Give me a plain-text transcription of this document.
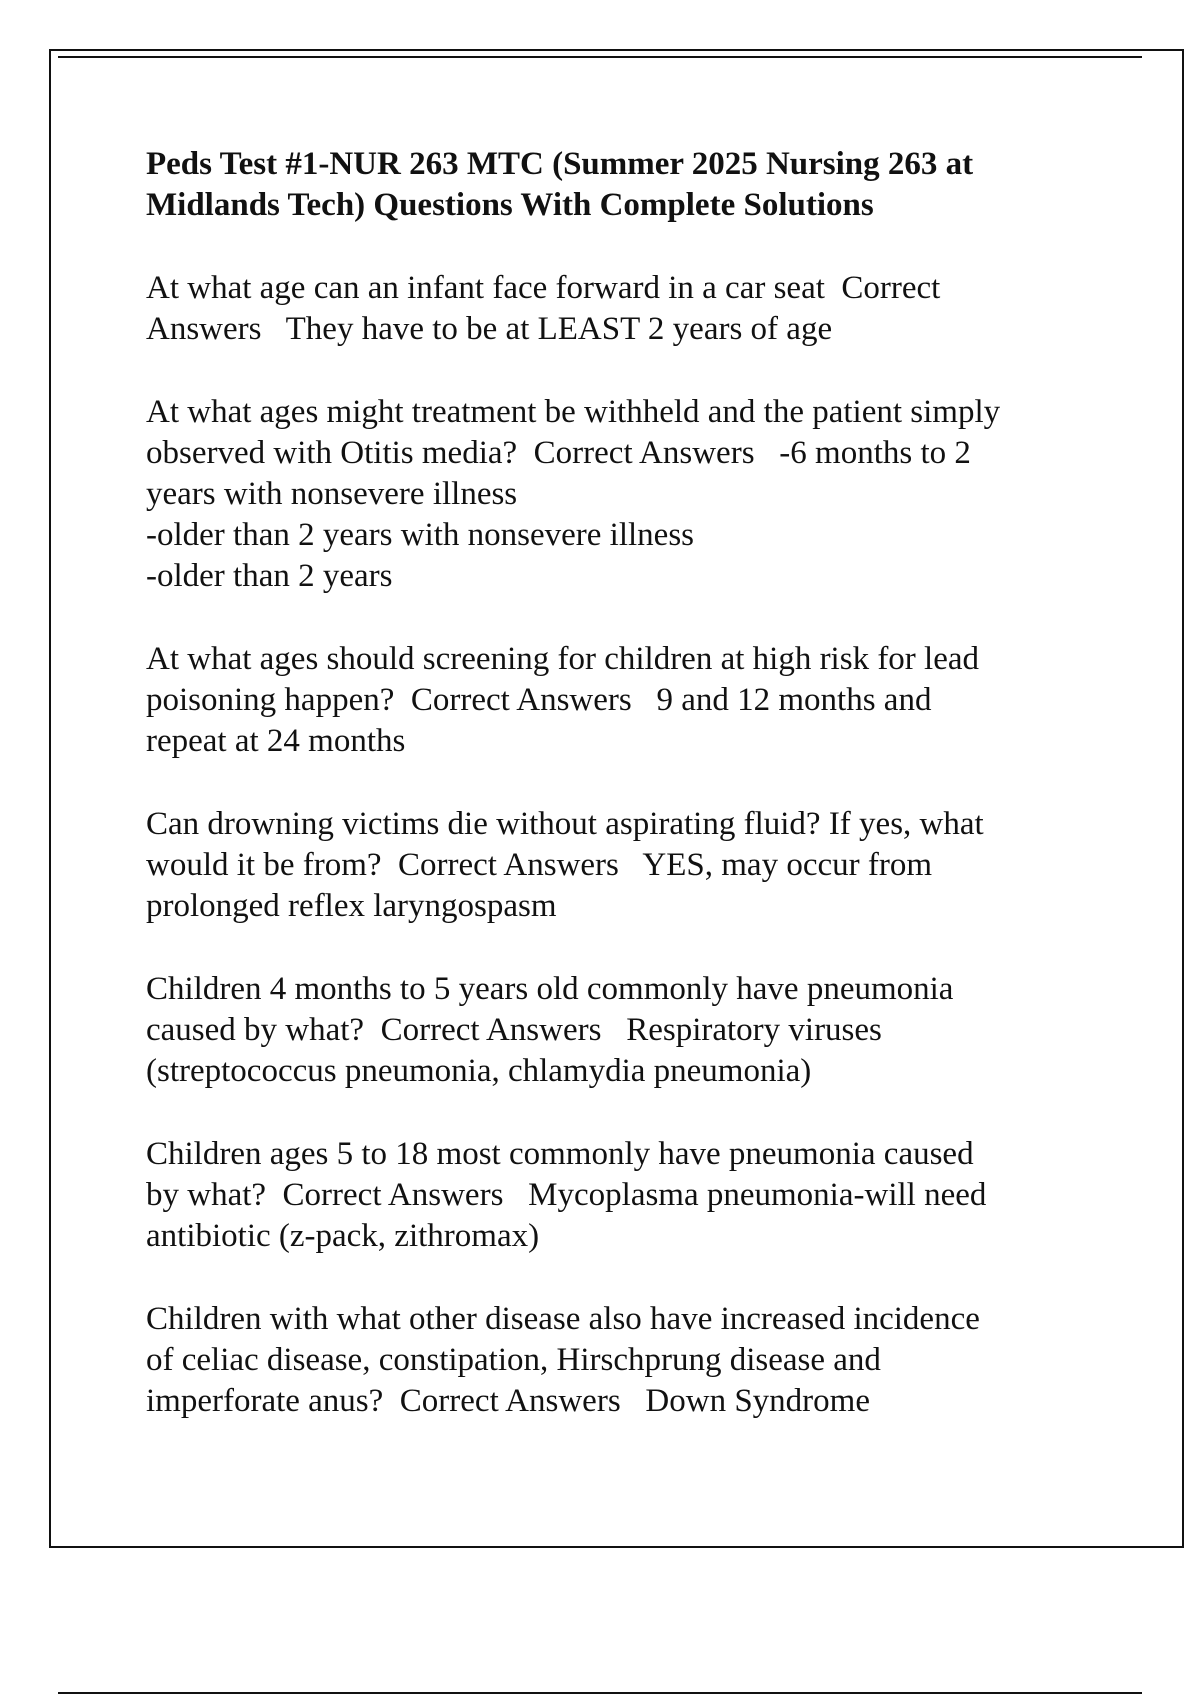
Peds Test #1-NUR 263 MTC (Summer 2025 Nursing 263 at
Midlands Tech) Questions With Complete Solutions
At what age can an infant face forward in a car seat  Correct
Answers   They have to be at LEAST 2 years of age
At what ages might treatment be withheld and the patient simply
observed with Otitis media?  Correct Answers   -6 months to 2
years with nonsevere illness
-older than 2 years with nonsevere illness
-older than 2 years
At what ages should screening for children at high risk for lead
poisoning happen?  Correct Answers   9 and 12 months and
repeat at 24 months
Can drowning victims die without aspirating fluid? If yes, what
would it be from?  Correct Answers   YES, may occur from
prolonged reflex laryngospasm
Children 4 months to 5 years old commonly have pneumonia
caused by what?  Correct Answers   Respiratory viruses
(streptococcus pneumonia, chlamydia pneumonia)
Children ages 5 to 18 most commonly have pneumonia caused
by what?  Correct Answers   Mycoplasma pneumonia-will need
antibiotic (z-pack, zithromax)
Children with what other disease also have increased incidence
of celiac disease, constipation, Hirschprung disease and
imperforate anus?  Correct Answers   Down Syndrome
